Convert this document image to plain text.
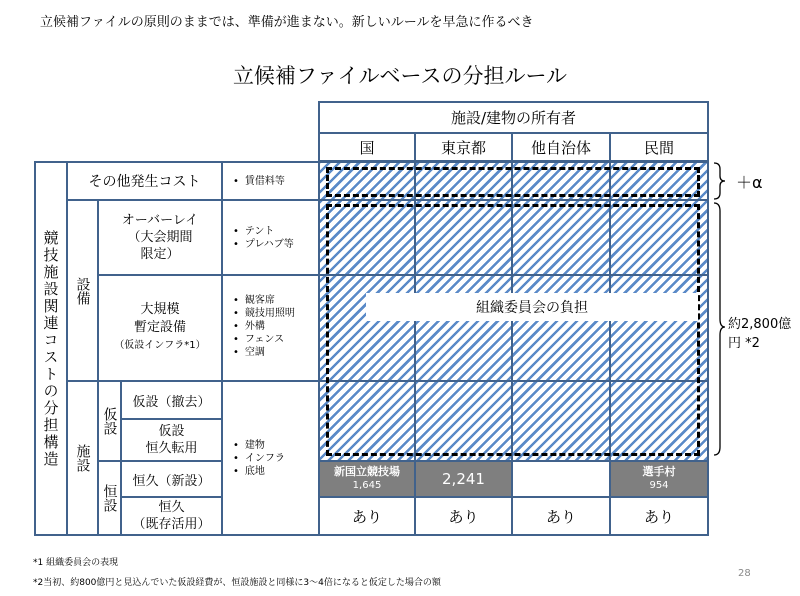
立候補ファイルの原則のままでは、準備が進まない。新しいルールを早急に作るべき
立候補ファイルベースの分担ルール
施設/建物の所有者
国	東京都	他自治体	民間
競技施設関連コストの分担構造
その他発生コスト
•	賃借料等
設備
オーバーレイ
（大会期間
限定）
• テント
• プレハブ等
大規模
暫定設備
（仮設インフラ*1）
• 観客席
• 競技用照明
• 外構
• フェンス
• 空調
施設
仮設
恒設
仮設（撤去）
仮設
恒久転用
恒久（新設）
恒久
（既存活用）
• 建物
• インフラ
• 底地
組織委員会の負担
新国立競技場
1,645	2,241	選手村
954
あり	あり	あり	あり
＋α
約2,800億
円 *2
*1 組織委員会の表現
*2当初、約800億円と見込んでいた仮設経費が、恒設施設と同様に3～4倍になると仮定した場合の額
28
